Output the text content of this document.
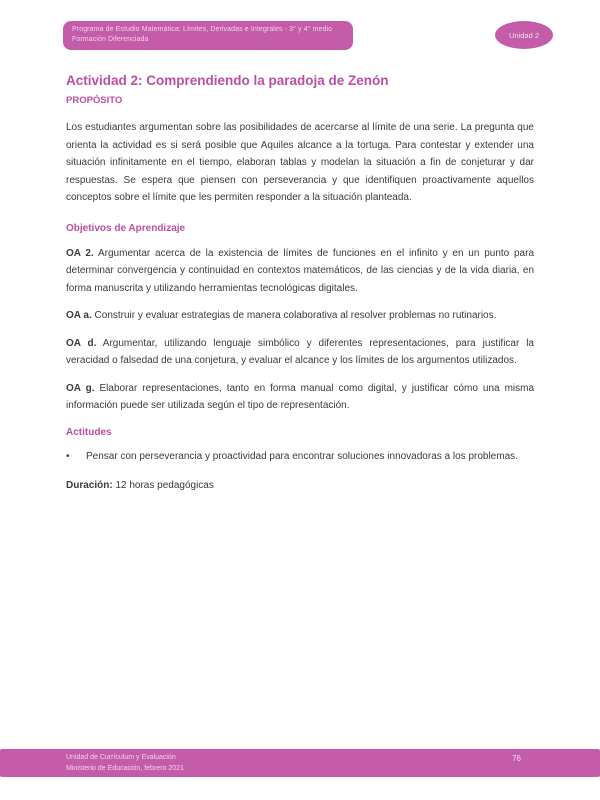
Programa de Estudio Matemática: Límites, Derivadas e Integrales - 3° y 4° medio
Formación Diferenciada	Unidad 2
Actividad 2: Comprendiendo la paradoja de Zenón
PROPÓSITO

Los estudiantes argumentan sobre las posibilidades de acercarse al límite de una serie. La pregunta que orienta la actividad es si será posible que Aquiles alcance a la tortuga. Para contestar y extender una situación infinitamente en el tiempo, elaboran tablas y modelan la situación a fin de conjeturar y dar respuestas. Se espera que piensen con perseverancia y que identifiquen proactivamente aquellos conceptos sobre el límite que les permiten responder a la situación planteada.

Objetivos de Aprendizaje

OA 2. Argumentar acerca de la existencia de límites de funciones en el infinito y en un punto para determinar convergencia y continuidad en contextos matemáticos, de las ciencias y de la vida diaria, en forma manuscrita y utilizando herramientas tecnológicas digitales.

OA a. Construir y evaluar estrategias de manera colaborativa al resolver problemas no rutinarios.

OA d. Argumentar, utilizando lenguaje simbólico y diferentes representaciones, para justificar la veracidad o falsedad de una conjetura, y evaluar el alcance y los límites de los argumentos utilizados.

OA g. Elaborar representaciones, tanto en forma manual como digital, y justificar cómo una misma información puede ser utilizada según el tipo de representación.

Actitudes
•	Pensar con perseverancia y proactividad para encontrar soluciones innovadoras a los problemas.

Duración: 12 horas pedagógicas

Unidad de Currículum y Evaluación
Ministerio de Educación, febrero 2021
76
